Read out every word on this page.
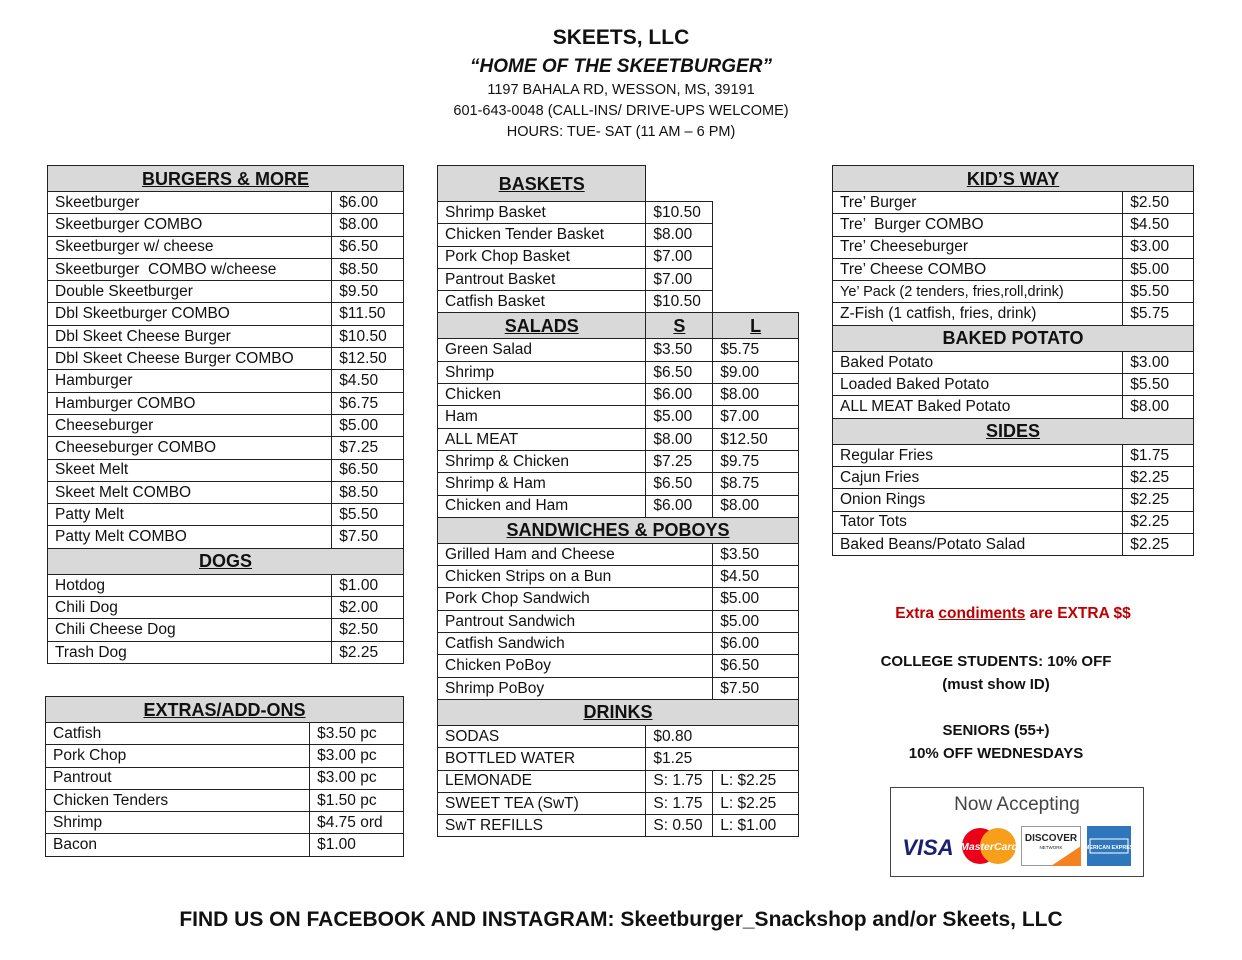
SKEETS, LLC
“HOME OF THE SKEETBURGER”
1197 BAHALA RD, WESSON, MS, 39191
601-643-0048 (CALL-INS/ DRIVE-UPS WELCOME)
HOURS: TUE- SAT (11 AM – 6 PM)
BURGERS & MORE	
Skeetburger	$6.00
Skeetburger COMBO	$8.00
Skeetburger w/ cheese	$6.50
Skeetburger  COMBO w/cheese	$8.50
Double Skeetburger	$9.50
Dbl Skeetburger COMBO	$11.50
Dbl Skeet Cheese Burger	$10.50
Dbl Skeet Cheese Burger COMBO	$12.50
Hamburger	$4.50
Hamburger COMBO	$6.75
Cheeseburger	$5.00
Cheeseburger COMBO	$7.25
Skeet Melt	$6.50
Skeet Melt COMBO	$8.50
Patty Melt	$5.50
Patty Melt COMBO	$7.50
DOGS	
Hotdog	$1.00
Chili Dog	$2.00
Chili Cheese Dog	$2.50
Trash Dog	$2.25
EXTRAS/ADD-ONS	
Catfish	$3.50 pc
Pork Chop	$3.00 pc
Pantrout	$3.00 pc
Chicken Tenders	$1.50 pc
Shrimp	$4.75 ord
Bacon	$1.00
BASKETS		
Shrimp Basket	$10.50	
Chicken Tender Basket	$8.00	
Pork Chop Basket	$7.00	
Pantrout Basket	$7.00	
Catfish Basket	$10.50	
SALADS	S	L
Green Salad	$3.50	$5.75
Shrimp	$6.50	$9.00
Chicken	$6.00	$8.00
Ham	$5.00	$7.00
ALL MEAT	$8.00	$12.50
Shrimp & Chicken	$7.25	$9.75
Shrimp & Ham	$6.50	$8.75
Chicken and Ham	$6.00	$8.00
SANDWICHES & POBOYS		
Grilled Ham and Cheese		$3.50
Chicken Strips on a Bun		$4.50
Pork Chop Sandwich		$5.00
Pantrout Sandwich		$5.00
Catfish Sandwich		$6.00
Chicken PoBoy		$6.50
Shrimp PoBoy		$7.50
DRINKS		
SODAS	$0.80	
BOTTLED WATER	$1.25	
LEMONADE	S: 1.75	L: $2.25
SWEET TEA (SwT)	S: 1.75	L: $2.25
SwT REFILLS	S: 0.50	L: $1.00
KID’S WAY	
Tre’ Burger	$2.50
Tre’  Burger COMBO	$4.50
Tre’ Cheeseburger	$3.00
Tre’ Cheese COMBO	$5.00
Ye’ Pack (2 tenders, fries,roll,drink)	$5.50
Z-Fish (1 catfish, fries, drink)	$5.75
BAKED POTATO	
Baked Potato	$3.00
Loaded Baked Potato	$5.50
ALL MEAT Baked Potato	$8.00
SIDES	
Regular Fries	$1.75
Cajun Fries	$2.25
Onion Rings	$2.25
Tator Tots	$2.25
Baked Beans/Potato Salad	$2.25
Extra condiments are EXTRA $$
COLLEGE STUDENTS: 10% OFF
(must show ID)
SENIORS (55+)
10% OFF WEDNESDAYS
Now Accepting
VISA MasterCard
DISCOVER
NETWORK	AMERICAN EXPRESS
FIND US ON FACEBOOK AND INSTAGRAM: Skeetburger_Snackshop and/or Skeets, LLC
